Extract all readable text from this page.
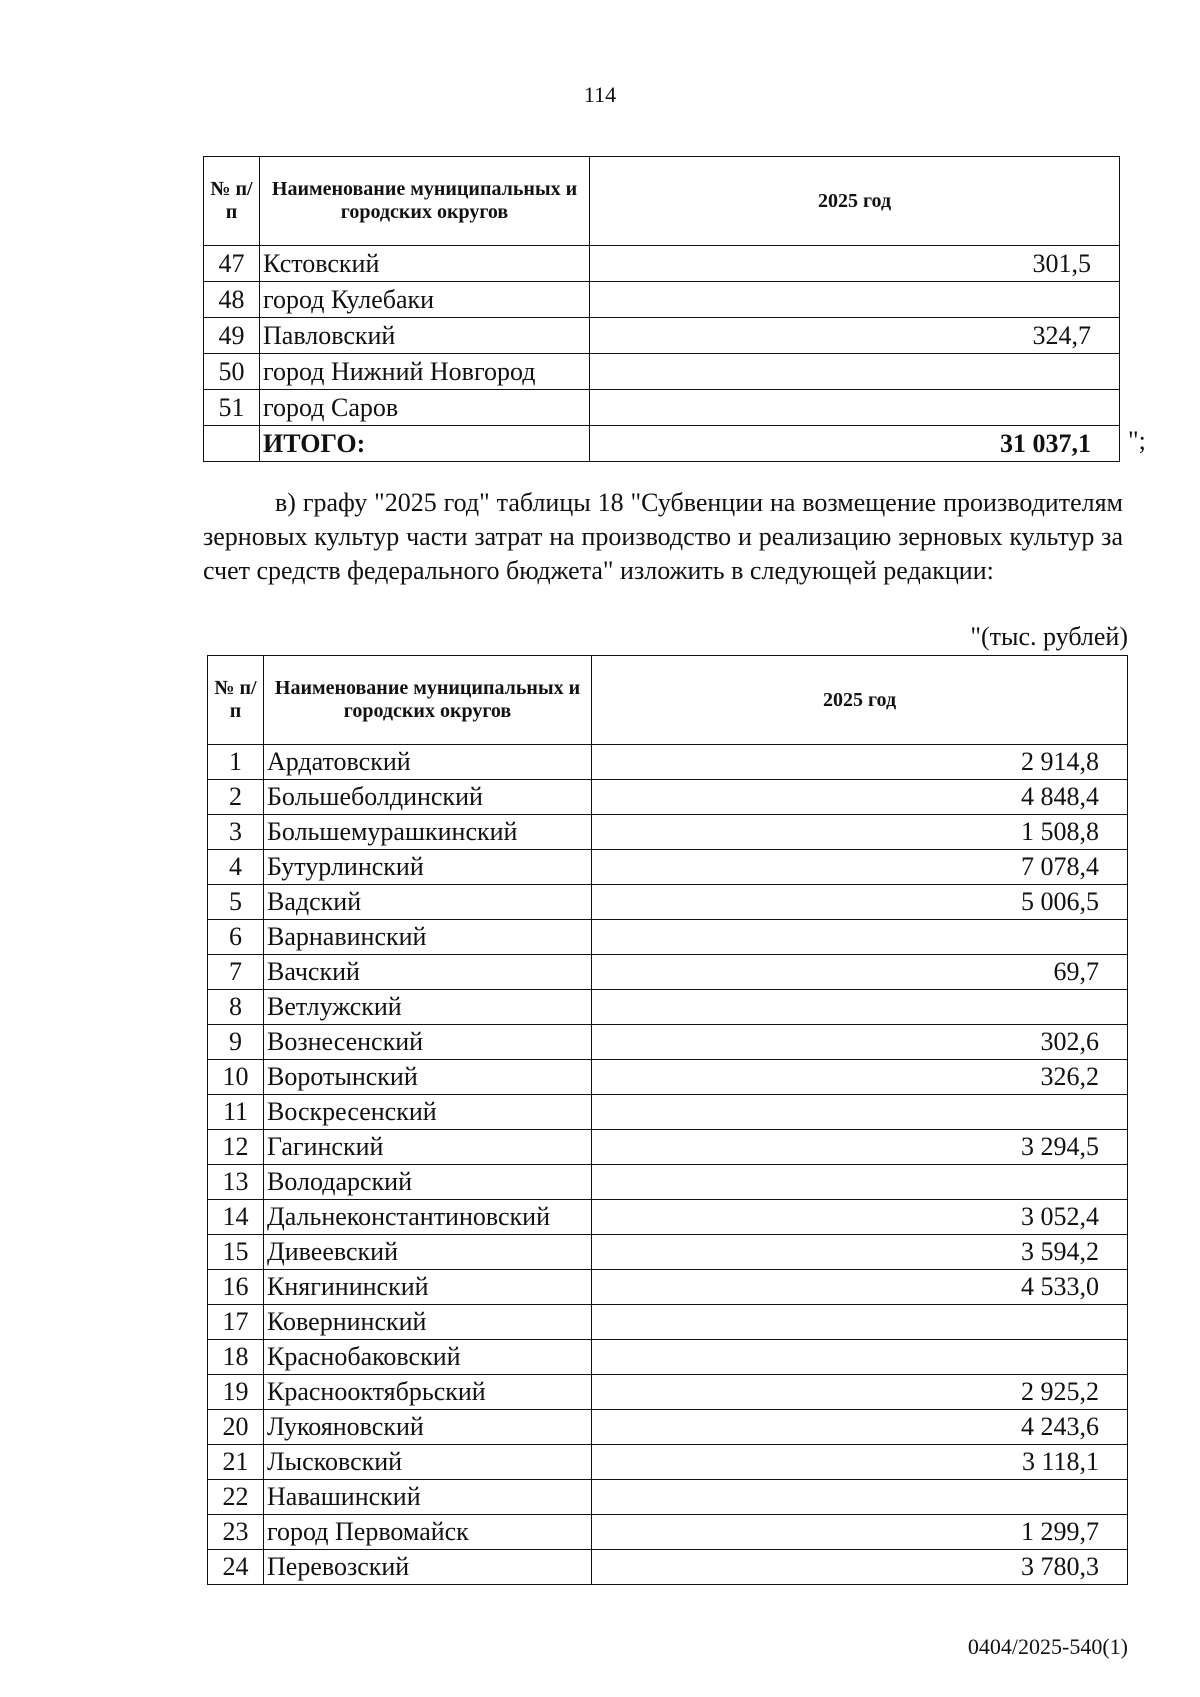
114
№ п/п	Наименование муниципальных и городских округов	2025 год
47	Кстовский	301,5
48	город Кулебаки	
49	Павловский	324,7
50	город Нижний Новгород	
51	город Саров	
	ИТОГО:	31 037,1 ";
в) графу "2025 год" таблицы 18 "Субвенции на возмещение производителям зерновых культур части затрат на производство и реализацию зерновых культур за счет средств федерального бюджета" изложить в следующей редакции:
"(тыс. рублей)
№ п/п	Наименование муниципальных и городских округов	2025 год
1	Ардатовский	2 914,8
2	Большеболдинский	4 848,4
3	Большемурашкинский	1 508,8
4	Бутурлинский	7 078,4
5	Вадский	5 006,5
6	Варнавинский	
7	Вачский	69,7
8	Ветлужский	
9	Вознесенский	302,6
10	Воротынский	326,2
11	Воскресенский	
12	Гагинский	3 294,5
13	Володарский	
14	Дальнеконстантиновский	3 052,4
15	Дивеевский	3 594,2
16	Княгининский	4 533,0
17	Ковернинский	
18	Краснобаковский	
19	Краснооктябрьский	2 925,2
20	Лукояновский	4 243,6
21	Лысковский	3 118,1
22	Навашинский	
23	город Первомайск	1 299,7
24	Перевозский	3 780,3
0404/2025-540(1)
